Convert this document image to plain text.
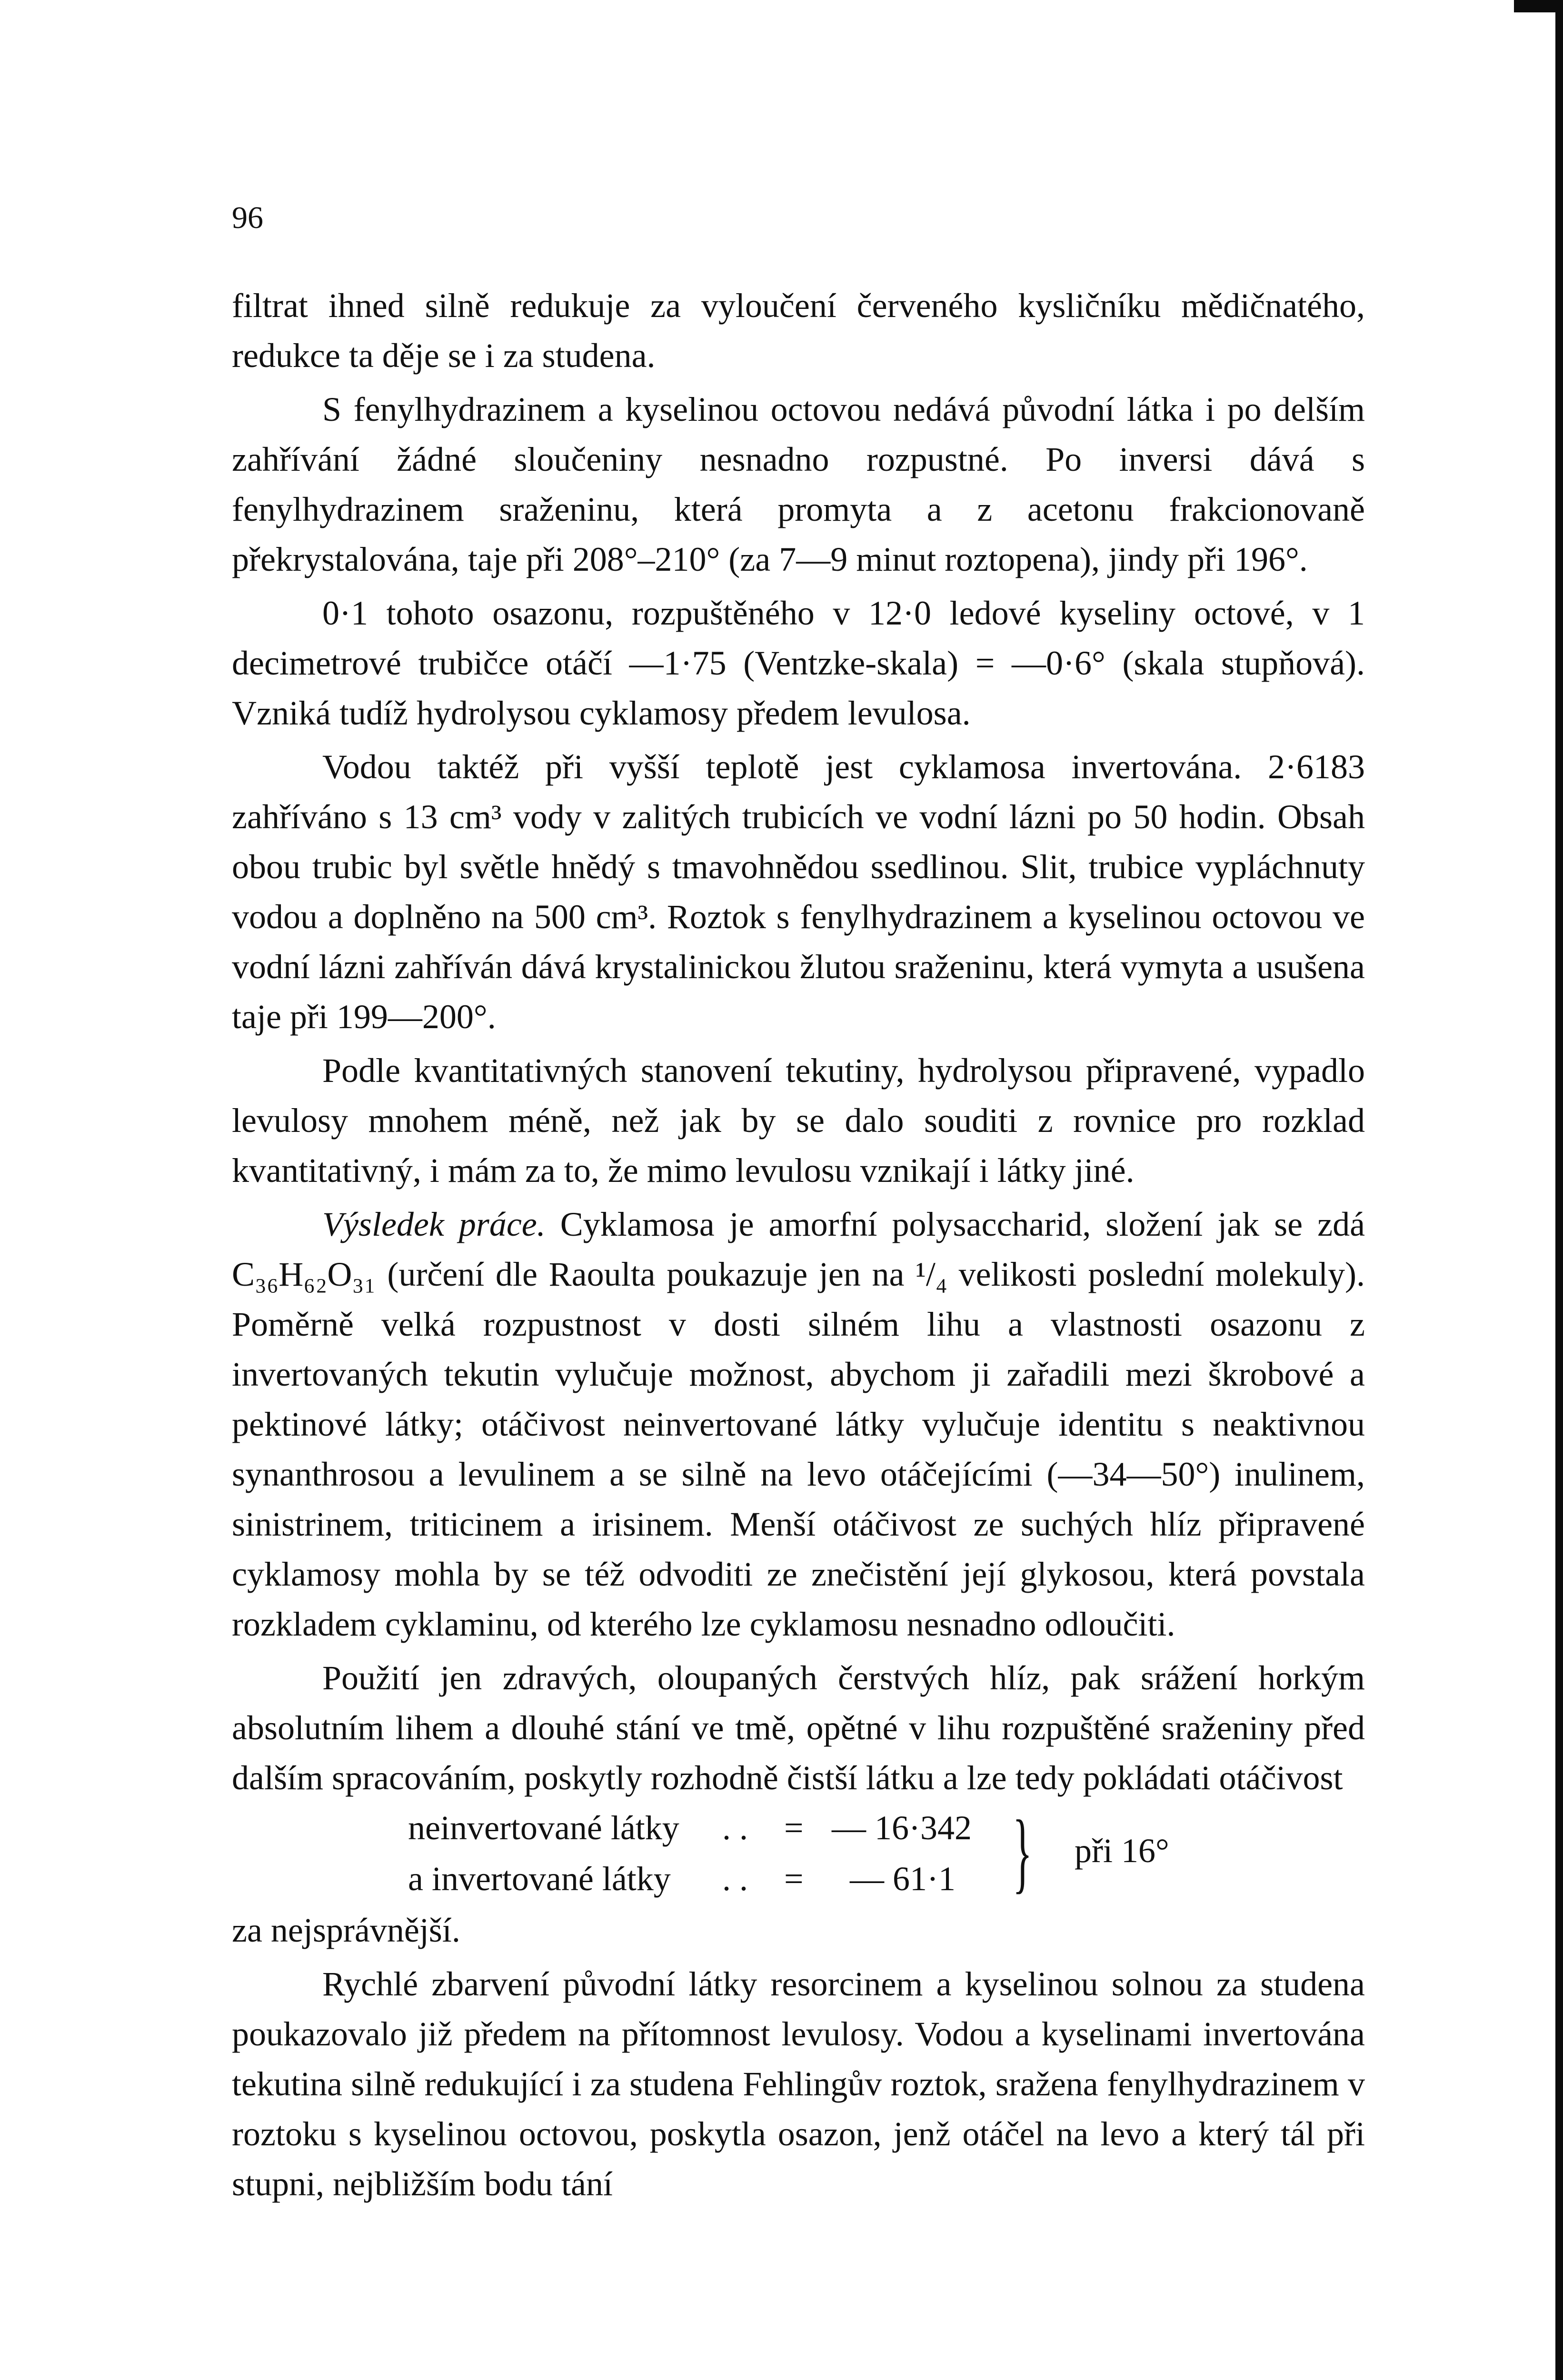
96

filtrat ihned silně redukuje za vyloučení červeného kysličníku mědičnatého, redukce ta děje se i za studena.

S fenylhydrazinem a kyselinou octovou nedává původní látka i po delším zahřívání žádné sloučeniny nesnadno rozpustné. Po inversi dává s fenylhydrazinem sraženinu, která promyta a z acetonu frakcionovaně překrystalována, taje při 208°–210° (za 7—9 minut roztopena), jindy při 196°.

0·1 tohoto osazonu, rozpuštěného v 12·0 ledové kyseliny octové, v 1 decimetrové trubičce otáčí —1·75 (Ventzke-skala) = —0·6° (skala stupňová). Vzniká tudíž hydrolysou cyklamosy předem levulosa.

Vodou taktéž při vyšší teplotě jest cyklamosa invertována. 2·6183 zahříváno s 13 cm³ vody v zalitých trubicích ve vodní lázni po 50 hodin. Obsah obou trubic byl světle hnědý s tmavohnědou ssedlinou. Slit, trubice vypláchnuty vodou a doplněno na 500 cm³. Roztok s fenylhydrazinem a kyselinou octovou ve vodní lázni zahříván dává krystalinickou žlutou sraženinu, která vymyta a usušena taje při 199—200°.

Podle kvantitativných stanovení tekutiny, hydrolysou připravené, vypadlo levulosy mnohem méně, než jak by se dalo souditi z rovnice pro rozklad kvantitativný, i mám za to, že mimo levulosu vznikají i látky jiné.

Výsledek práce. Cyklamosa je amorfní polysaccharid, složení jak se zdá C₃₆H₆₂O₃₁ (určení dle Raoulta poukazuje jen na ¹/₄ velikosti poslední molekuly). Poměrně velká rozpustnost v dosti silném lihu a vlastnosti osazonu z invertovaných tekutin vylučuje možnost, abychom ji zařadili mezi škrobové a pektinové látky; otáčivost neinvertované látky vylučuje identitu s neaktivnou synanthrosou a levulinem a se silně na levo otáčejícími (—34—50°) inulinem, sinistrinem, triticinem a irisinem. Menší otáčivost ze suchých hlíz připravené cyklamosy mohla by se též odvoditi ze znečistění její glykosou, která povstala rozkladem cyklaminu, od kterého lze cyklamosu nesnadno odloučiti.

Použití jen zdravých, oloupaných čerstvých hlíz, pak srážení horkým absolutním lihem a dlouhé stání ve tmě, opětné v lihu rozpuštěné sraženiny před dalším spracováním, poskytly rozhodně čistší látku a lze tedy pokládati otáčivost

neinvertované látky . . = — 16·342
a invertované látky . . = — 61·1 } při 16°

za nejsprávnější.

Rychlé zbarvení původní látky resorcinem a kyselinou solnou za studena poukazovalo již předem na přítomnost levulosy. Vodou a kyselinami invertována tekutina silně redukující i za studena Fehlingův roztok, sražena fenylhydrazinem v roztoku s kyselinou octovou, poskytla osazon, jenž otáčel na levo a který tál při stupni, nejbližším bodu tání
